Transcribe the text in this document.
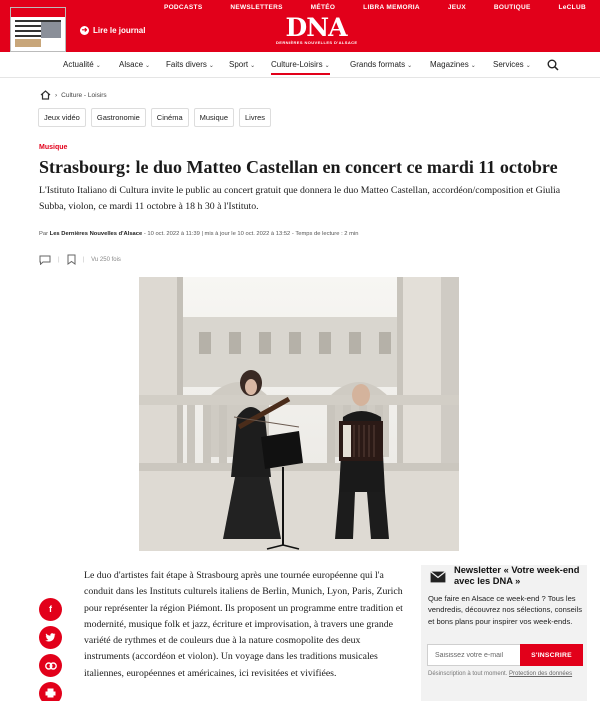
➜ Lire le journal
PODCASTS	NEWSLETTERS	MÉTÉO	LIBRA MEMORIA	JEUX	BOUTIQUE	LeCLUB
DNA
DERNIÈRES NOUVELLES D'ALSACE
Actualité ⌄ Alsace ⌄ Faits divers ⌄ Sport ⌄ Culture-Loisirs ⌄	Grands formats ⌄ Magazines ⌄ Services ⌄
› Culture - Loisirs
Jeux vidéo	Gastronomie	Cinéma	Musique	Livres
Musique
Strasbourg: le duo Matteo Castellan en concert ce mardi 11 octobre

L'Istituto Italiano di Cultura invite le public au concert gratuit que donnera le duo Matteo Castellan, accordéon/composition et Giulia Subba, violon, ce mardi 11 octobre à 18 h 30 à l'Istituto.

Par Les Dernières Nouvelles d'Alsace - 10 oct. 2022 à 11:39 | mis à jour le 10 oct. 2022 à 13:52 - Temps de lecture : 2 min
|	| Vu 250 fois
f

Le duo d'artistes fait étape à Strasbourg après une tournée européenne qui l'a conduit dans les Instituts culturels italiens de Berlin, Munich, Lyon, Paris, Zurich pour représenter la région Piémont. Ils proposent un programme entre tradition et modernité, musique folk et jazz, écriture et improvisation, à travers une grande variété de rythmes et de couleurs due à la nature cosmopolite des deux instruments (accordéon et violon). Un voyage dans les traditions musicales italiennes, européennes et américaines, ici revisitées et vivifiées.

Newsletter « Votre week-end avec les DNA »
Que faire en Alsace ce week-end ? Tous les vendredis, découvrez nos sélections, conseils et bons plans pour inspirer vos week-ends.
Saisissez votre e-mail
S'INSCRIRE
Désinscription à tout moment. Protection des données
